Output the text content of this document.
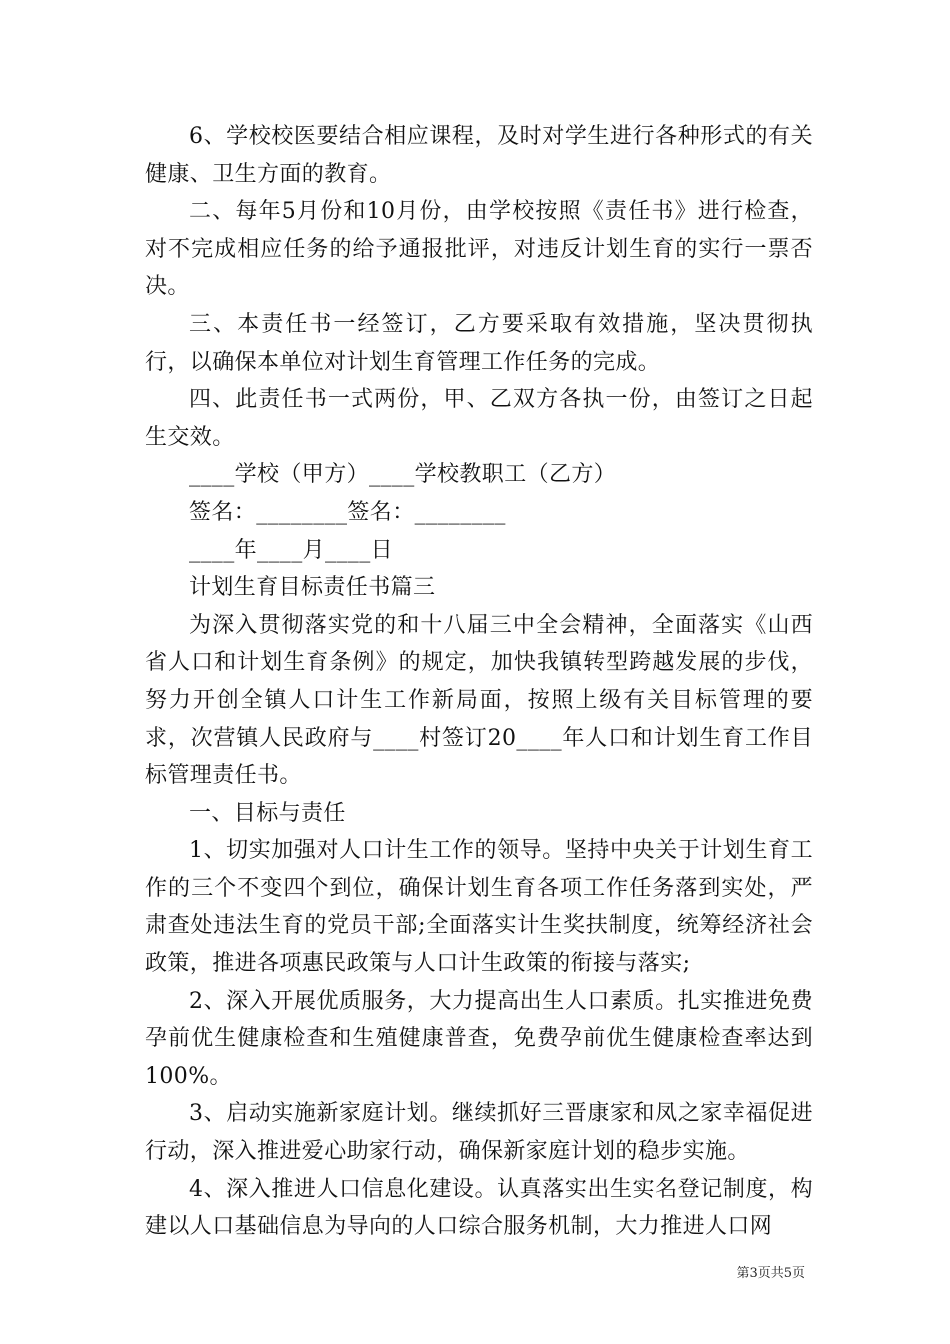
6、学校校医要结合相应课程，及时对学生进行各种形式的有关健康、卫生方面的教育。

二、每年5月份和10月份，由学校按照《责任书》进行检查，对不完成相应任务的给予通报批评，对违反计划生育的实行一票否决。

三、本责任书一经签订，乙方要采取有效措施，坚决贯彻执行，以确保本单位对计划生育管理工作任务的完成。

四、此责任书一式两份，甲、乙双方各执一份，由签订之日起生交效。

____学校（甲方）____学校教职工（乙方）

签名：________签名：________

____年____月____日

计划生育目标责任书篇三

为深入贯彻落实党的和十八届三中全会精神，全面落实《山西省人口和计划生育条例》的规定，加快我镇转型跨越发展的步伐，努力开创全镇人口计生工作新局面，按照上级有关目标管理的要求，次营镇人民政府与____村签订20____年人口和计划生育工作目标管理责任书。

一、目标与责任

1、切实加强对人口计生工作的领导。坚持中央关于计划生育工作的三个不变四个到位，确保计划生育各项工作任务落到实处，严肃查处违法生育的党员干部;全面落实计生奖扶制度，统筹经济社会政策，推进各项惠民政策与人口计生政策的衔接与落实;

2、深入开展优质服务，大力提高出生人口素质。扎实推进免费孕前优生健康检查和生殖健康普查，免费孕前优生健康检查率达到100%。

3、启动实施新家庭计划。继续抓好三晋康家和凤之家幸福促进行动，深入推进爱心助家行动，确保新家庭计划的稳步实施。

4、深入推进人口信息化建设。认真落实出生实名登记制度，构建以人口基础信息为导向的人口综合服务机制，大力推进人口网

第3页共5页
